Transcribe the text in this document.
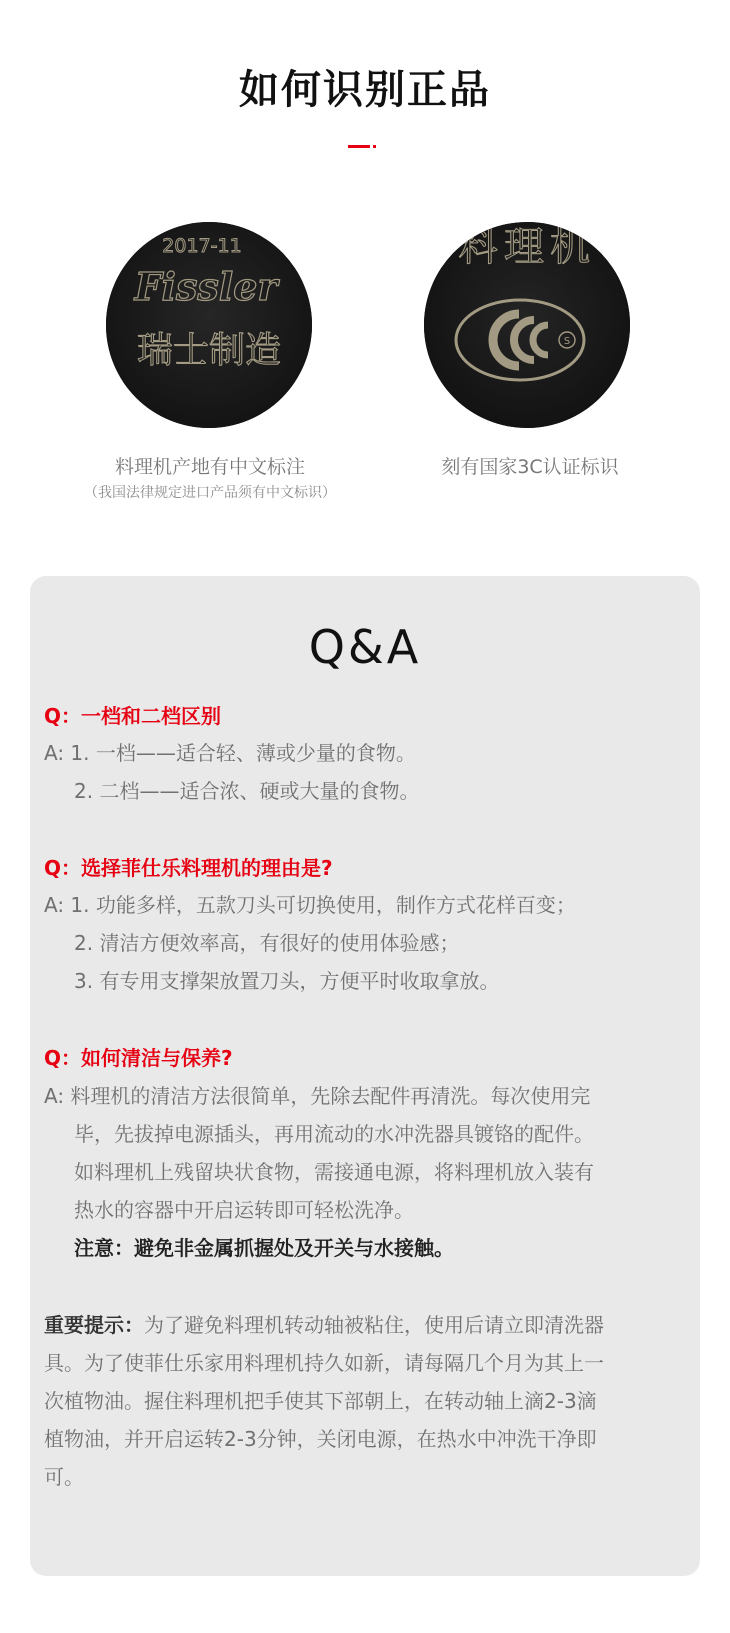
如何识别正品
2017-11
Fissler
瑞士制造
料理机
S
料理机产地有中文标注
（我国法律规定进口产品须有中文标识）
刻有国家3C认证标识
Q&A
Q：一档和二档区别
A: 1. 一档——适合轻、薄或少量的食物。
2. 二档——适合浓、硬或大量的食物。
Q：选择菲仕乐料理机的理由是?
A: 1. 功能多样，五款刀头可切换使用，制作方式花样百变；
2. 清洁方便效率高，有很好的使用体验感；
3. 有专用支撑架放置刀头，方便平时收取拿放。
Q：如何清洁与保养?
A: 料理机的清洁方法很简单，先除去配件再清洗。每次使用完
毕，先拔掉电源插头，再用流动的水冲洗器具镀铬的配件。
如料理机上残留块状食物，需接通电源，将料理机放入装有
热水的容器中开启运转即可轻松洗净。
注意：避免非金属抓握处及开关与水接触。
重要提示：为了避免料理机转动轴被粘住，使用后请立即清洗器
具。为了使菲仕乐家用料理机持久如新，请每隔几个月为其上一
次植物油。握住料理机把手使其下部朝上，在转动轴上滴2-3滴
植物油，并开启运转2-3分钟，关闭电源，在热水中冲洗干净即
可。
